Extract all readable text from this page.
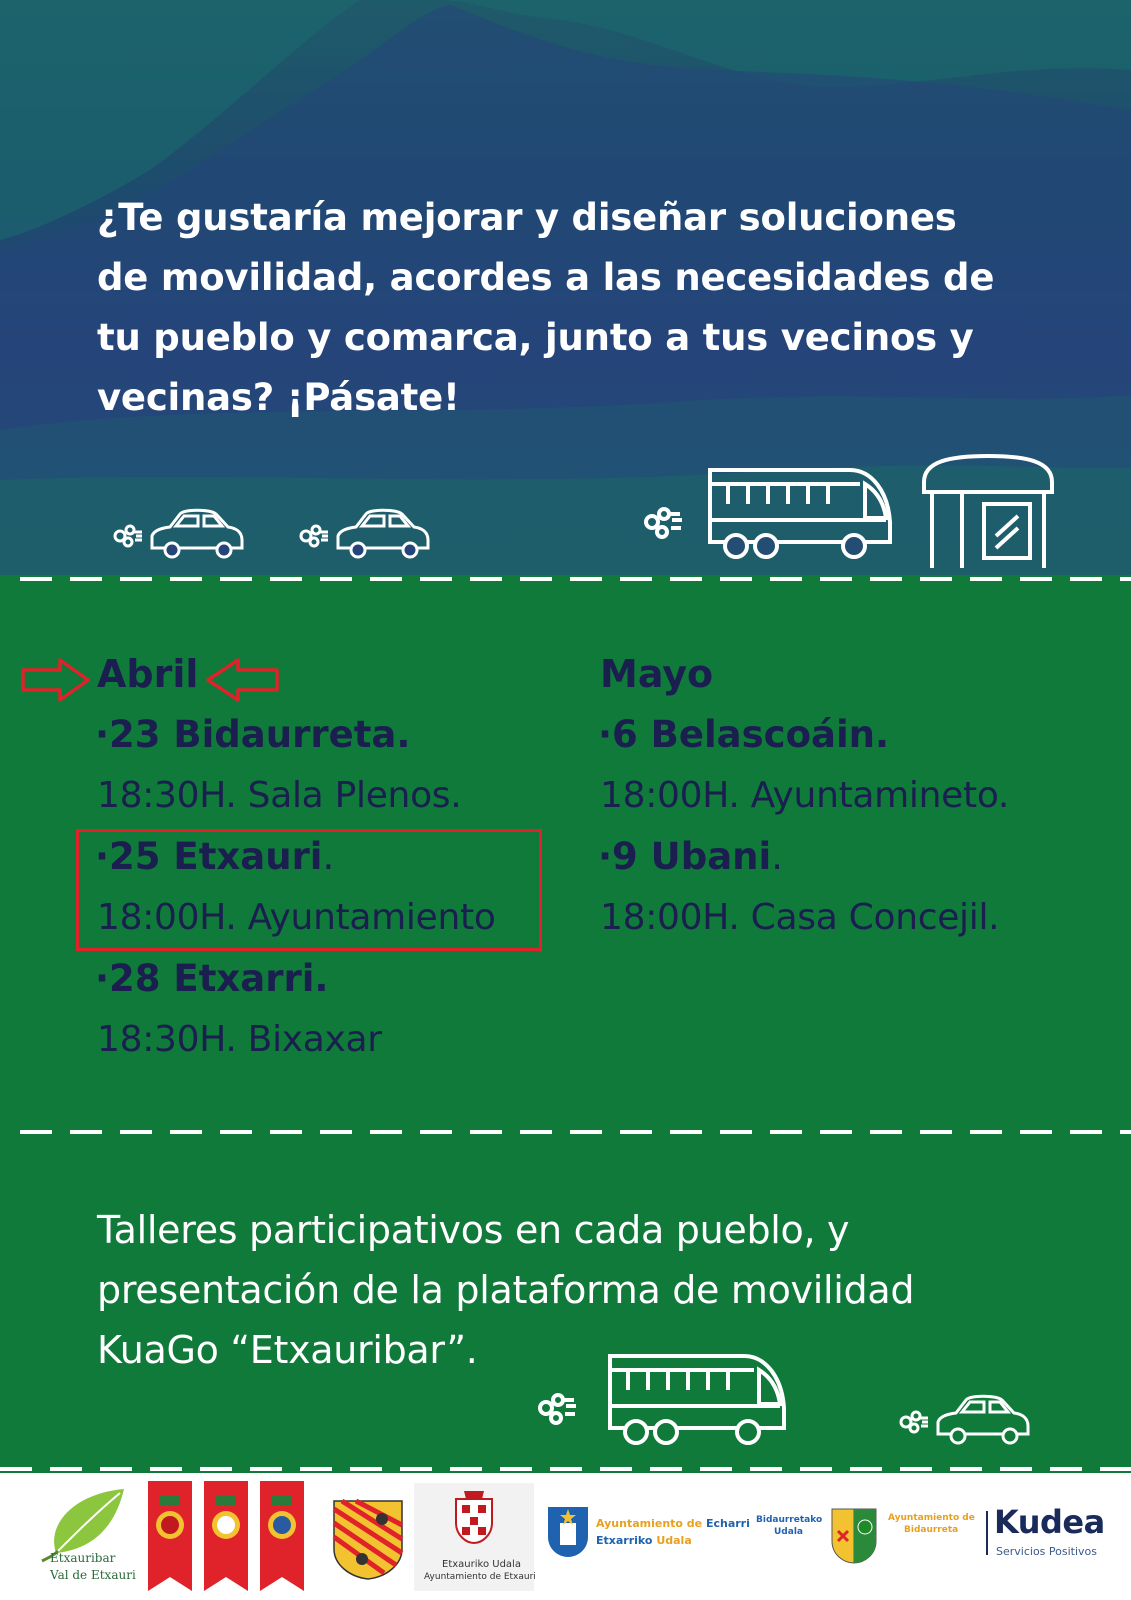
¿Te gustaría mejorar y diseñar soluciones
de movilidad, acordes a las necesidades de
tu pueblo y comarca, junto a tus vecinos y
vecinas? ¡Pásate!

Abril

·23 Bidaurreta.

18:30H. Sala Plenos.

·25 Etxauri.

18:00H. Ayuntamiento

·28 Etxarri.

18:30H. Bixaxar

Mayo

·6 Belascoáin.

18:00H. Ayuntamineto.

·9 Ubani.

18:00H. Casa Concejil.

Talleres participativos en cada pueblo, y
presentación de la plataforma de movilidad
KuaGo “Etxauribar”.

Etxauribar
Val de Etxauri
Etxauriko Udala
Ayuntamiento de Etxauri
Ayuntamiento de Echarri
Etxarriko Udala
Bidaurretako
Udala
Ayuntamiento de
Bidaurreta Kudea
Servicios Positivos
